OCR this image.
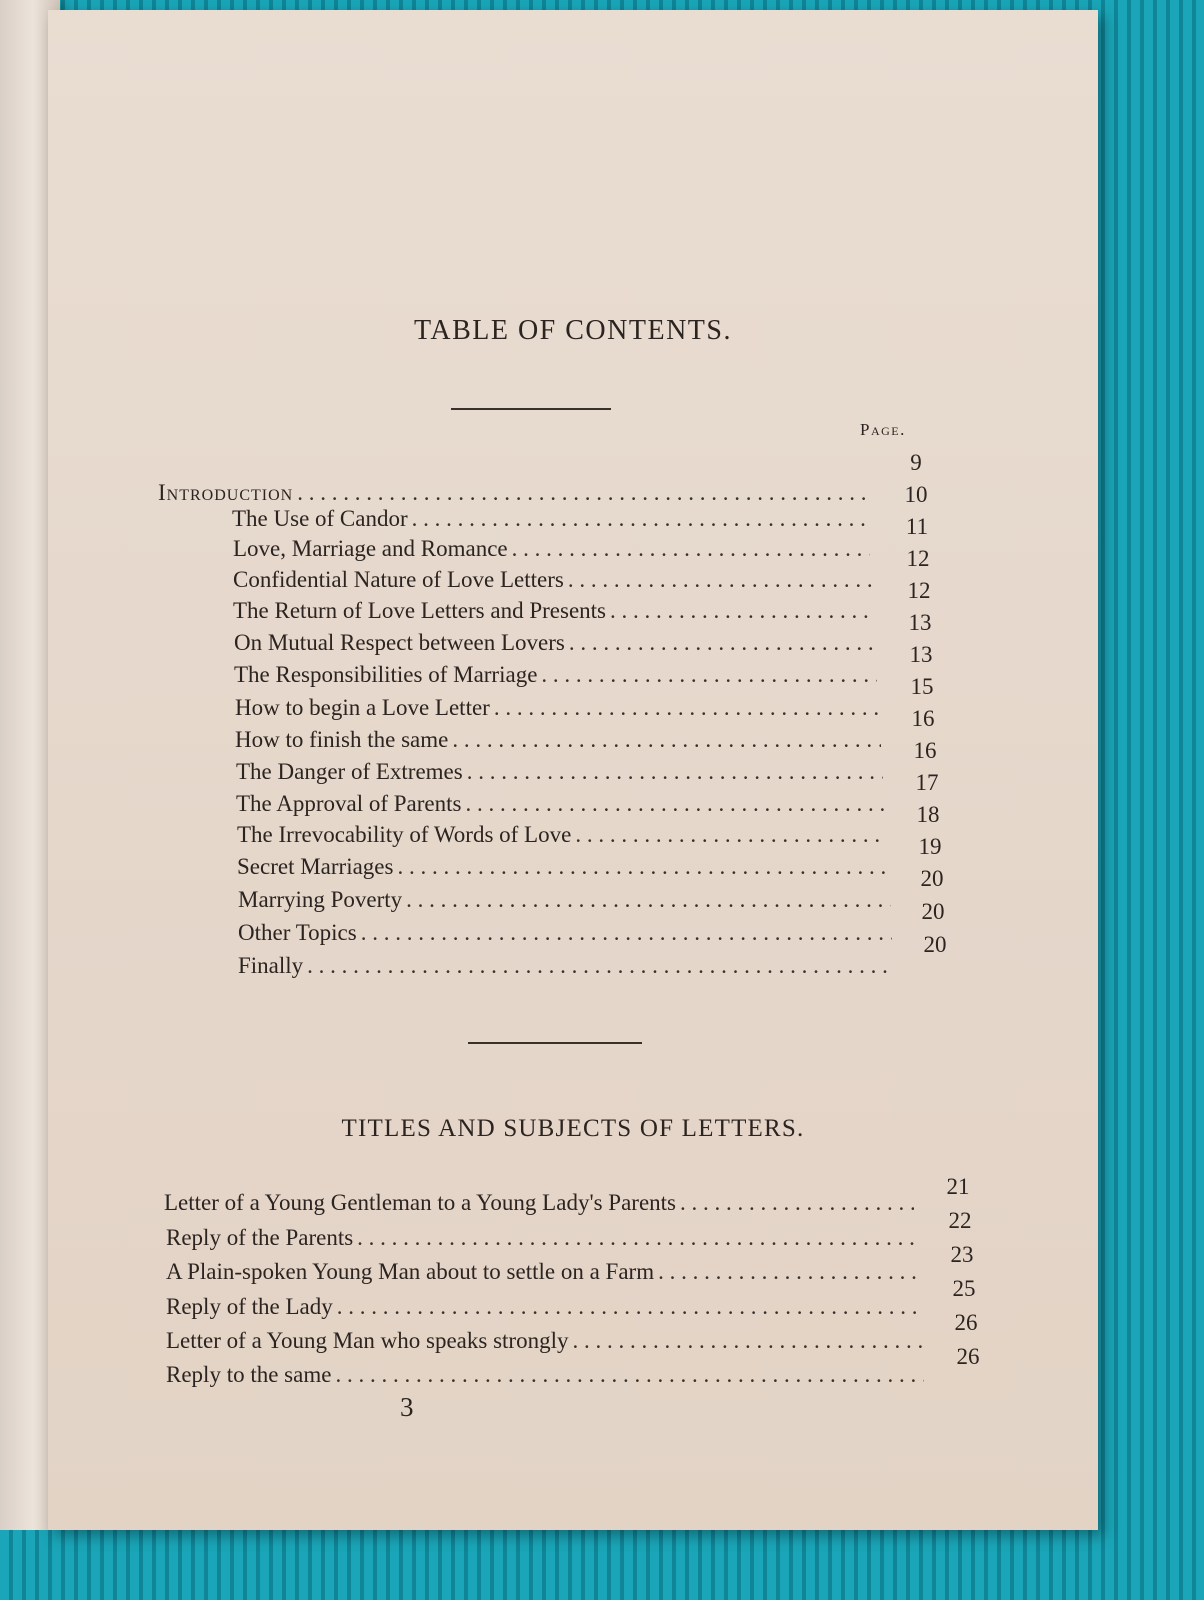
TABLE OF CONTENTS.
Page.
9
10
11
12
12
13
13
15
16
16
17
18
19
20
20
20
Introduction
. . .
The Use of Candor
. . .
Love, Marriage and Romance
. . .
Confidential Nature of Love Letters
. . .
The Return of Love Letters and Presents
. . .
On Mutual Respect between Lovers
. . .
The Responsibilities of Marriage
. . .
How to begin a Love Letter
. . .
How to finish the same
. . .
The Danger of Extremes
. . .
The Approval of Parents
. . .
The Irrevocability of Words of Love
. . .
Secret Marriages
. . .
Marrying Poverty
. . .
Other Topics
. . .
Finally
. . .
TITLES AND SUBJECTS OF LETTERS.
Letter of a Young Gentleman to a Young Lady's Parents
. . .
21
Reply of the Parents
. . .
22
A Plain-spoken Young Man about to settle on a Farm
. . .
23
Reply of the Lady
. . .
25
Letter of a Young Man who speaks strongly
. . .
26
Reply to the same
. . .
26
3
